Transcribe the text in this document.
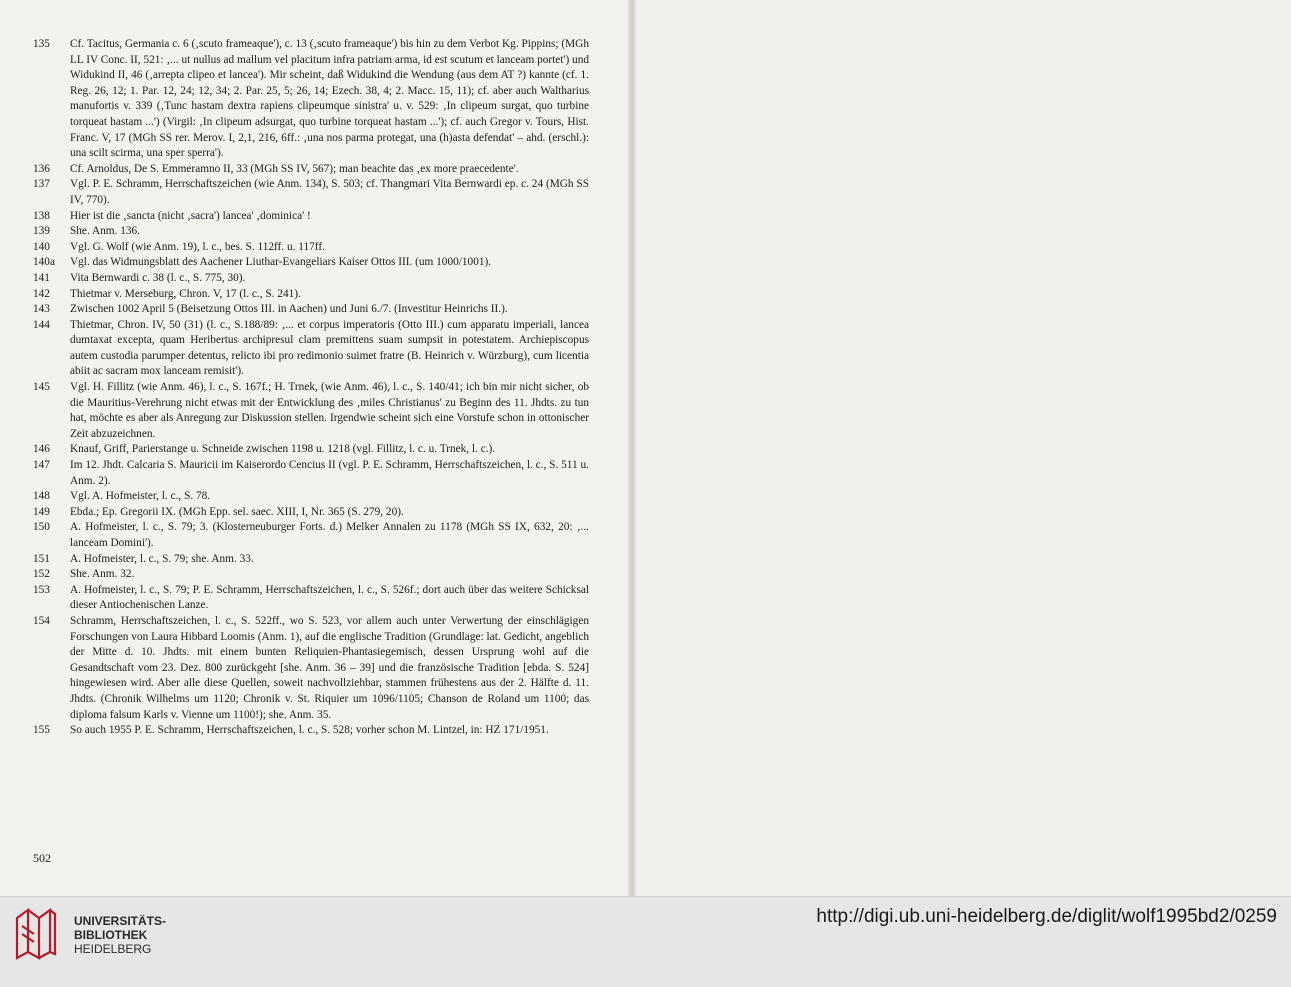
135	Cf. Tacitus, Germania c. 6 (‚scuto frameaque'), c. 13 (‚scuto frameaque') bis hin zu dem Verbot Kg. Pippins; (MGh LL IV Conc. II, 521: ‚... ut nullus ad mallum vel placitum infra patriam arma, id est scutum et lanceam portet') und Widukind II, 46 (‚arrepta clipeo et lancea'). Mir scheint, daß Widukind die Wendung (aus dem AT ?) kannte (cf. 1. Reg. 26, 12; 1. Par. 12, 24; 12, 34; 2. Par. 25, 5; 26, 14; Ezech. 38, 4; 2. Macc. 15, 11); cf. aber auch Waltharius manufortis v. 339 (‚Tunc hastam dextra rapiens clipeumque sinistra' u. v. 529: ‚In clipeum surgat, quo turbine torqueat hastam ...') (Virgil: ‚In clipeum adsurgat, quo turbine torqueat hastam ...'); cf. auch Gregor v. Tours, Hist. Franc. V, 17 (MGh SS rer. Merov. I, 2,1, 216, 6ff.: ‚una nos parma protegat, una (h)asta defendat' – ahd. (erschl.): una scilt scirma, una sper sperra').
136	Cf. Arnoldus, De S. Emmeramno II, 33 (MGh SS IV, 567); man beachte das ‚ex more praecedente'.
137	Vgl. P. E. Schramm, Herrschaftszeichen (wie Anm. 134), S. 503; cf. Thangmari Vita Bernwardi ep. c. 24 (MGh SS IV, 770).
138	Hier ist die ‚sancta (nicht ‚sacra') lancea' ‚dominica' !
139	She. Anm. 136.
140	Vgl. G. Wolf (wie Anm. 19), l. c., bes. S. 112ff. u. 117ff.
140a	Vgl. das Widmungsblatt des Aachener Liuthar-Evangeliars Kaiser Ottos III. (um 1000/1001).
141	Vita Bernwardi c. 38 (l. c., S. 775, 30).
142	Thietmar v. Merseburg, Chron. V, 17 (l. c., S. 241).
143	Zwischen 1002 April 5 (Beisetzung Ottos III. in Aachen) und Juni 6./7. (Investitur Heinrichs II.).
144	Thietmar, Chron. IV, 50 (31) (l. c., S.188/89: ‚... et corpus imperatoris (Otto III.) cum apparatu imperiali, lancea dumtaxat excepta, quam Heribertus archipresul clam premittens suam sumpsit in potestatem. Archiepiscopus autem custodia parumper detentus, relicto ibi pro redimonio suimet fratre (B. Heinrich v. Würzburg), cum licentia abiit ac sacram mox lanceam remisit').
145	Vgl. H. Fillitz (wie Anm. 46), l. c., S. 167f.; H. Trnek, (wie Anm. 46), l. c., S. 140/41; ich bin mir nicht sicher, ob die Mauritius-Verehrung nicht etwas mit der Entwicklung des ‚miles Christianus' zu Beginn des 11. Jhdts. zu tun hat, möchte es aber als Anregung zur Diskussion stellen. Irgendwie scheint sich eine Vorstufe schon in ottonischer Zeit abzuzeichnen.
146	Knauf, Griff, Parierstange u. Schneide zwischen 1198 u. 1218 (vgl. Fillitz, l. c. u. Trnek, l. c.).
147	Im 12. Jhdt. Calcaria S. Mauricii im Kaiserordo Cencius II (vgl. P. E. Schramm, Herrschaftszeichen, l. c., S. 511 u. Anm. 2).
148	Vgl. A. Hofmeister, l. c., S. 78.
149	Ebda.; Ep. Gregorii IX. (MGh Epp. sel. saec. XIII, I, Nr. 365 (S. 279, 20).
150	A. Hofmeister, l. c., S. 79; 3. (Klosterneuburger Forts. d.) Melker Annalen zu 1178 (MGh SS IX, 632, 20: ‚... lanceam Domini').
151	A. Hofmeister, l. c., S. 79; she. Anm. 33.
152	She. Anm. 32.
153	A. Hofmeister, l. c., S. 79; P. E. Schramm, Herrschaftszeichen, l. c., S. 526f.; dort auch über das weitere Schicksal dieser Antiochenischen Lanze.
154	Schramm, Herrschaftszeichen, l. c., S. 522ff., wo S. 523, vor allem auch unter Verwertung der einschlägigen Forschungen von Laura Hibbard Loomis (Anm. 1), auf die englische Tradition (Grundlage: lat. Gedicht, angeblich der Mitte d. 10. Jhdts. mit einem bunten Reliquien-Phantasiegemisch, dessen Ursprung wohl auf die Gesandtschaft vom 23. Dez. 800 zurückgeht [she. Anm. 36 – 39] und die französische Tradition [ebda. S. 524] hingewiesen wird. Aber alle diese Quellen, soweit nachvollziehbar, stammen frühestens aus der 2. Hälfte d. 11. Jhdts. (Chronik Wilhelms um 1120; Chronik v. St. Riquier um 1096/1105; Chanson de Roland um 1100; das diploma falsum Karls v. Vienne um 1100!); she. Anm. 35.
155	So auch 1955 P. E. Schramm, Herrschaftszeichen, l. c., S. 528; vorher schon M. Lintzel, in: HZ 171/1951.
502
UNIVERSITÄTS-
BIBLIOTHEK
HEIDELBERG
http://digi.ub.uni-heidelberg.de/diglit/wolf1995bd2/0259
